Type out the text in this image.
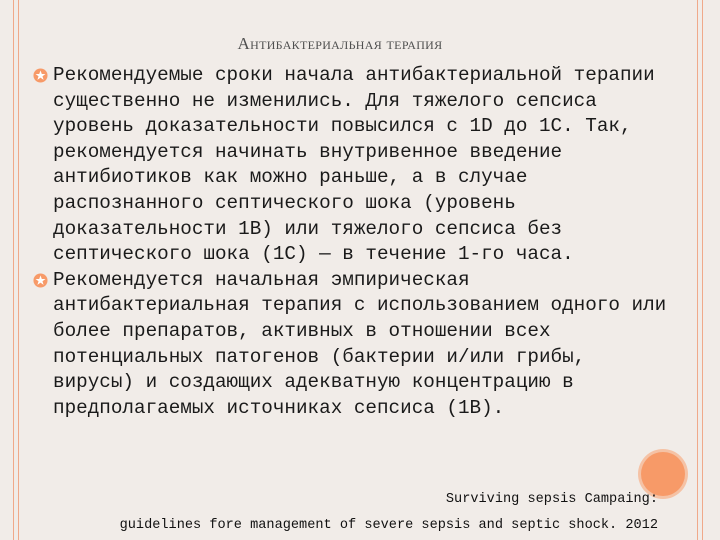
Антибактериальная терапия

Рекомендуемые сроки начала антибактериальной терапии существенно не изменились. Для тяжелого сепсиса уровень доказательности повысился с 1D до 1C. Так, рекомендуется начинать внутривенное введение антибиотиков как можно раньше, а в случае распознанного септического шока (уровень доказательности 1B) или тяжелого сепсиса без септического шока (1C) — в течение 1-го часа.

Рекомендуется начальная эмпирическая антибактериальная терапия с использованием одного или более препаратов, активных в отношении всех потенциальных патогенов (бактерии и/или грибы, вирусы) и создающих адекватную концентрацию в предполагаемых источниках сепсиса (1B).

Surviving sepsis Campaing:
guidelines fore management of severe sepsis and septic shock. 2012
